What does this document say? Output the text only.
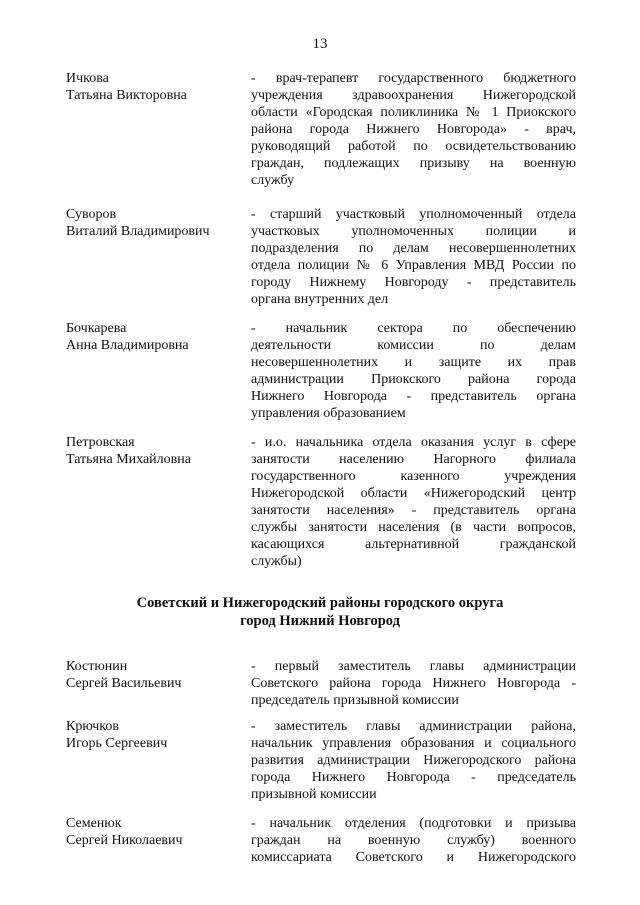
13
Ичкова
Татьяна Викторовна
- врач-терапевт государственного бюджетного
учреждения здравоохранения Нижегородской
области «Городская поликлиника № 1 Приокского
района города Нижнего Новгорода» - врач,
руководящий работой по освидетельствованию
граждан, подлежащих призыву на военную
службу
Суворов
Виталий Владимирович
- старший участковый уполномоченный отдела
участковых уполномоченных полиции и
подразделения по делам несовершеннолетних
отдела полиции № 6 Управления МВД России по
городу Нижнему Новгороду - представитель
органа внутренних дел
Бочкарева
Анна Владимировна
- начальник сектора по обеспечению
деятельности комиссии по делам
несовершеннолетних и защите их прав
администрации Приокского района города
Нижнего Новгорода - представитель органа
управления образованием
Петровская
Татьяна Михайловна
- и.о. начальника отдела оказания услуг в сфере
занятости населению Нагорного филиала
государственного казенного учреждения
Нижегородской области «Нижегородский центр
занятости населения» - представитель органа
службы занятости населения (в части вопросов,
касающихся альтернативной гражданской
службы)
Советский и Нижегородский районы городского округа
город Нижний Новгород
Костюнин
Сергей Васильевич
- первый заместитель главы администрации
Советского района города Нижнего Новгорода -
председатель призывной комиссии
Крючков
Игорь Сергеевич
- заместитель главы администрации района,
начальник управления образования и социального
развития администрации Нижегородского района
города Нижнего Новгорода - председатель
призывной комиссии
Семенюк
Сергей Николаевич
- начальник отделения (подготовки и призыва
граждан на военную службу) военного
комиссариата Советского и Нижегородского
